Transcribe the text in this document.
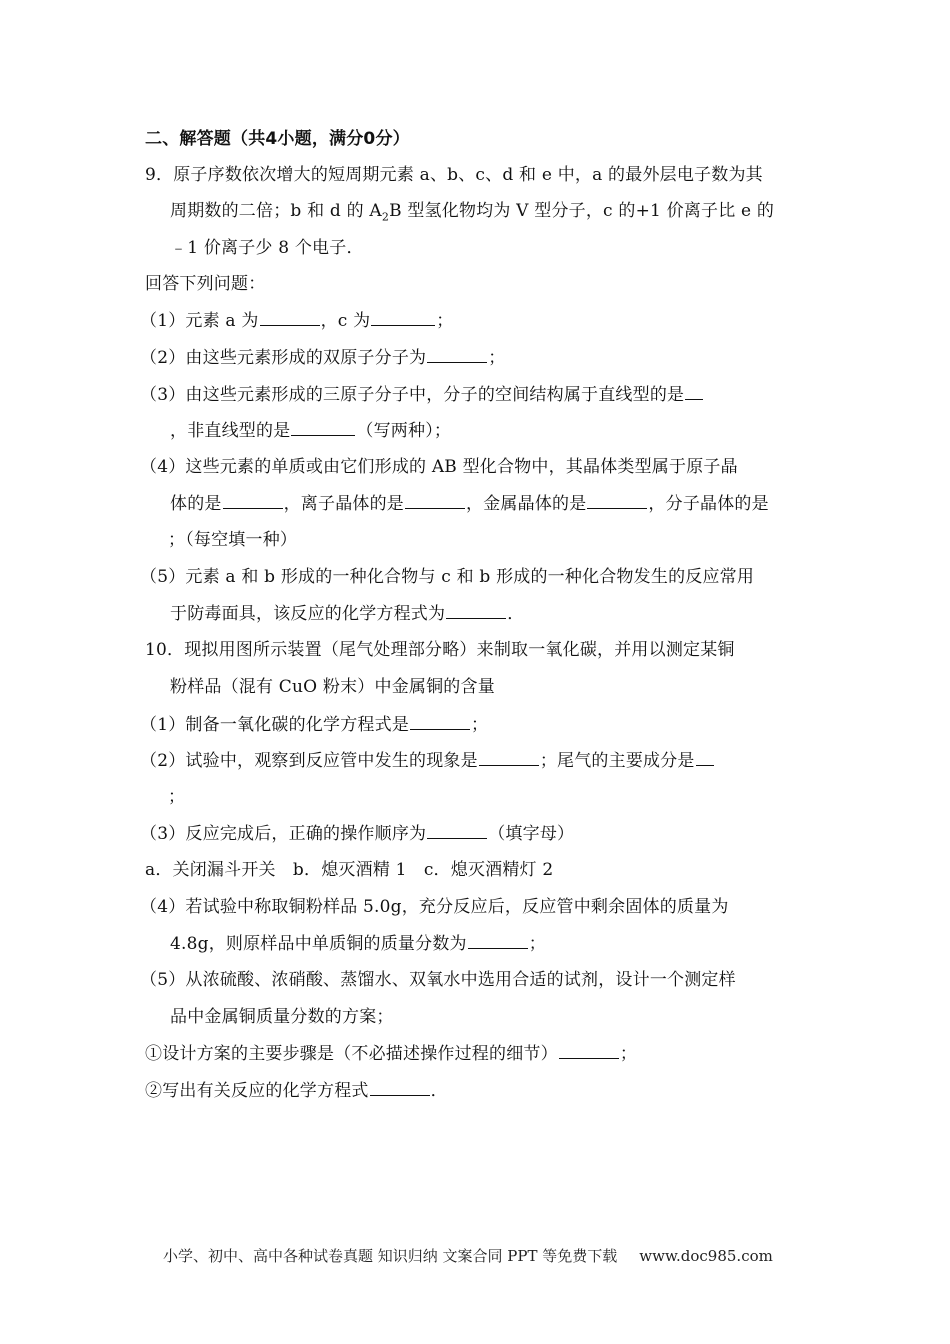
二、解答题（共4小题，满分0分）
9．原子序数依次增大的短周期元素 a、b、c、d 和 e 中，a 的最外层电子数为其
周期数的二倍；b 和 d 的 $A_2B$ 型氢化物均为 V 型分子，c 的+1 价离子比 e 的
﹣1 价离子少 8 个电子．
回答下列问题：
（1）元素 a 为	，c 为	；
（2）由这些元素形成的双原子分子为	；
（3）由这些元素形成的三原子分子中，分子的空间结构属于直线型的是
，非直线型的是	（写两种）；
（4）这些元素的单质或由它们形成的 AB 型化合物中，其晶体类型属于原子晶
体的是	，离子晶体的是	，金属晶体的是	，分子晶体的是
；（每空填一种）
（5）元素 a 和 b 形成的一种化合物与 c 和 b 形成的一种化合物发生的反应常用
于防毒面具，该反应的化学方程式为	．
10．现拟用图所示装置（尾气处理部分略）来制取一氧化碳，并用以测定某铜
粉样品（混有 CuO 粉末）中金属铜的含量
（1）制备一氧化碳的化学方程式是	；
（2）试验中，观察到反应管中发生的现象是	；尾气的主要成分是
；
（3）反应完成后，正确的操作顺序为	（填字母）
a．关闭漏斗开关　b．熄灭酒精 1　c．熄灭酒精灯 2
（4）若试验中称取铜粉样品 5.0g，充分反应后，反应管中剩余固体的质量为
4.8g，则原样品中单质铜的质量分数为	；
（5）从浓硫酸、浓硝酸、蒸馏水、双氧水中选用合适的试剂，设计一个测定样
品中金属铜质量分数的方案；
①设计方案的主要步骤是（不必描述操作过程的细节）	；
②写出有关反应的化学方程式	．
小学、初中、高中各种试卷真题 知识归纳 文案合同 PPT 等免费下载 www.doc985.com
